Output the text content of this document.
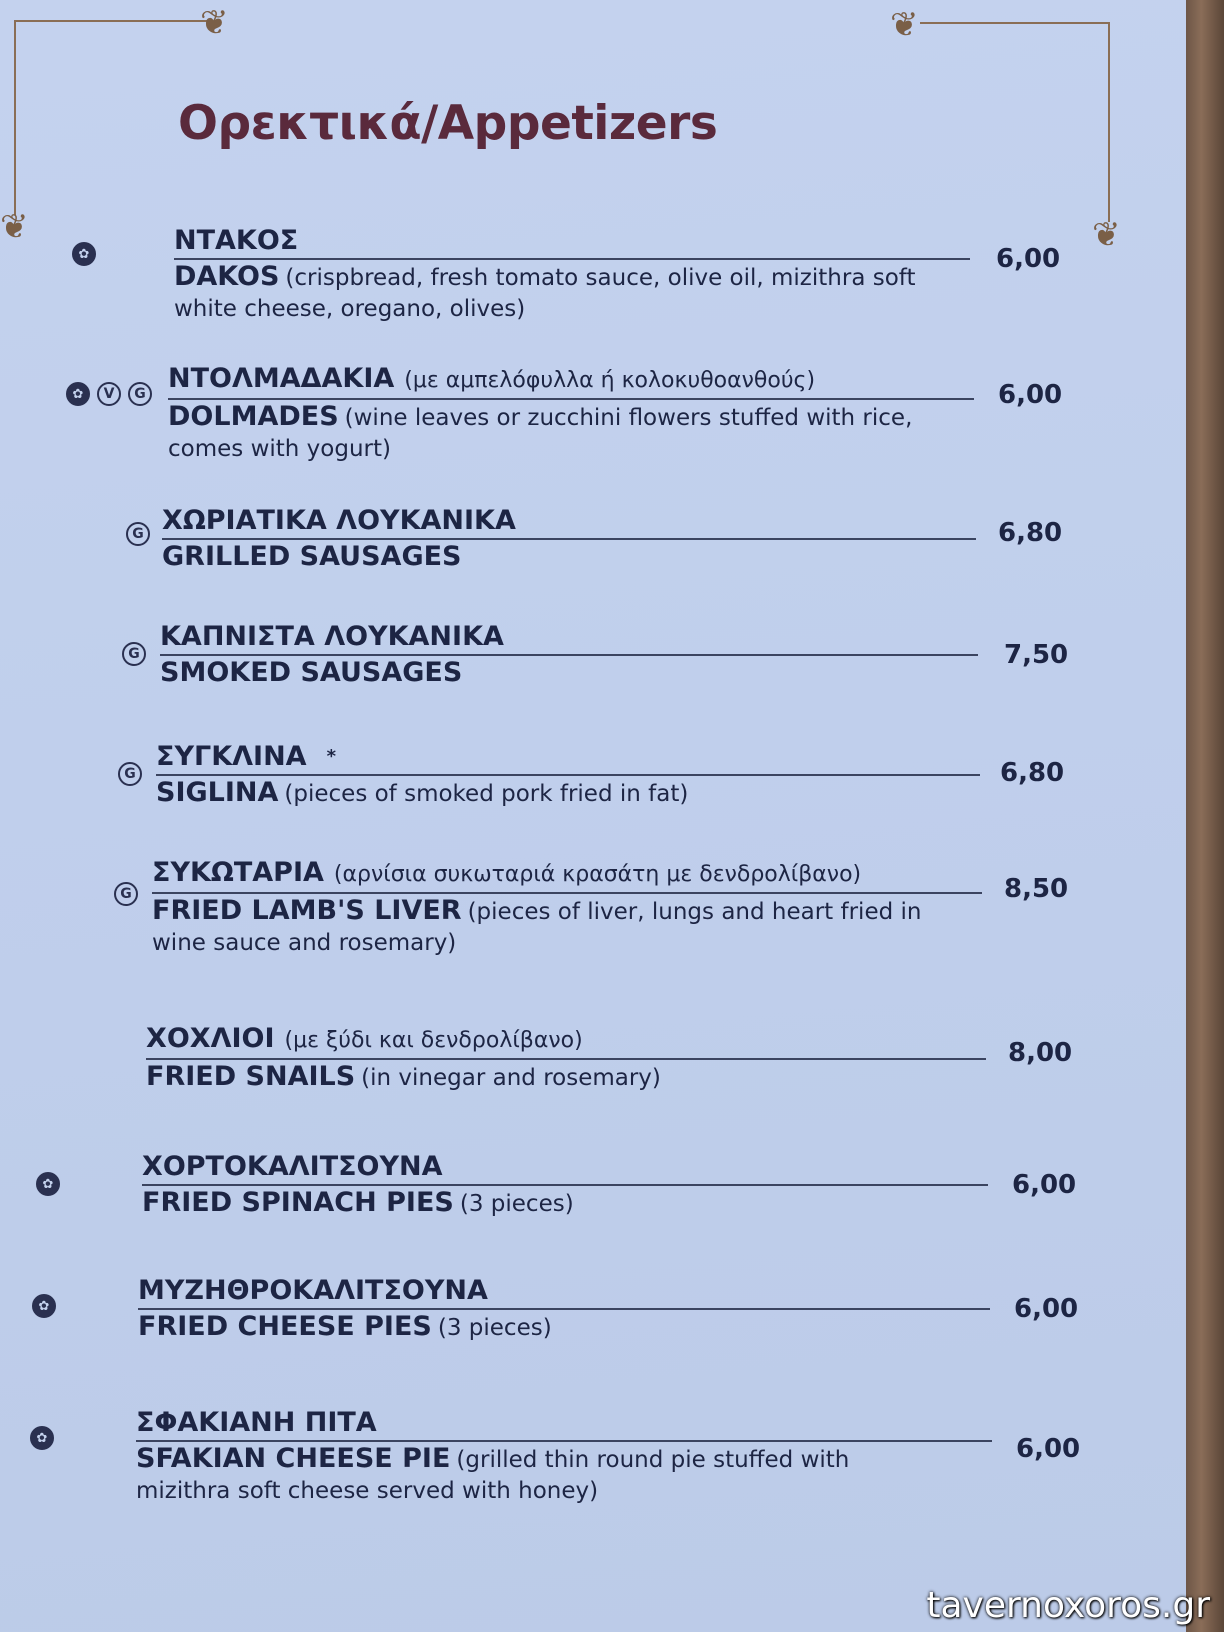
❦
❦
❦
❦
Ορεκτικά/Appetizers
✿	ΝΤΑΚΟΣ
DAKOS (crispbread, fresh tomato sauce, olive oil, mizithra soft white cheese, oregano, olives)
6,00
✿	V	G ΝΤΟΛΜΑΔΑΚΙΑ (με αμπελόφυλλα ή κολοκυθοανθούς)
DOLMADES (wine leaves or zucchini flowers stuffed with rice, comes with yogurt)
6,00
G ΧΩΡΙΑΤΙΚΑ ΛΟΥΚΑΝΙΚΑ
GRILLED SAUSAGES
6,80
G
ΚΑΠΝΙΣΤΑ ΛΟΥΚΑΝΙΚΑ
SMOKED SAUSAGES
7,50
G
ΣΥΓΚΛΙΝΑ *
SIGLINA (pieces of smoked pork fried in fat)
6,80
G
ΣΥΚΩΤΑΡΙΑ (αρνίσια συκωταριά κρασάτη με δενδρολίβανο)
FRIED LAMB'S LIVER (pieces of liver, lungs and heart fried in wine sauce and rosemary)
8,50
ΧΟΧΛΙΟΙ (με ξύδι και δενδρολίβανο)
FRIED SNAILS (in vinegar and rosemary)
8,00
✿
ΧΟΡΤΟΚΑΛΙΤΣΟΥΝΑ
FRIED SPINACH PIES (3 pieces)
6,00
✿	ΜΥΖΗΘΡΟΚΑΛΙΤΣΟΥΝΑ
FRIED CHEESE PIES (3 pieces)
6,00
✿	ΣΦΑΚΙΑΝΗ ΠΙΤΑ
SFAKIAN CHEESE PIE (grilled thin round pie stuffed with mizithra soft cheese served with honey)
6,00
tavernoxoros.gr
